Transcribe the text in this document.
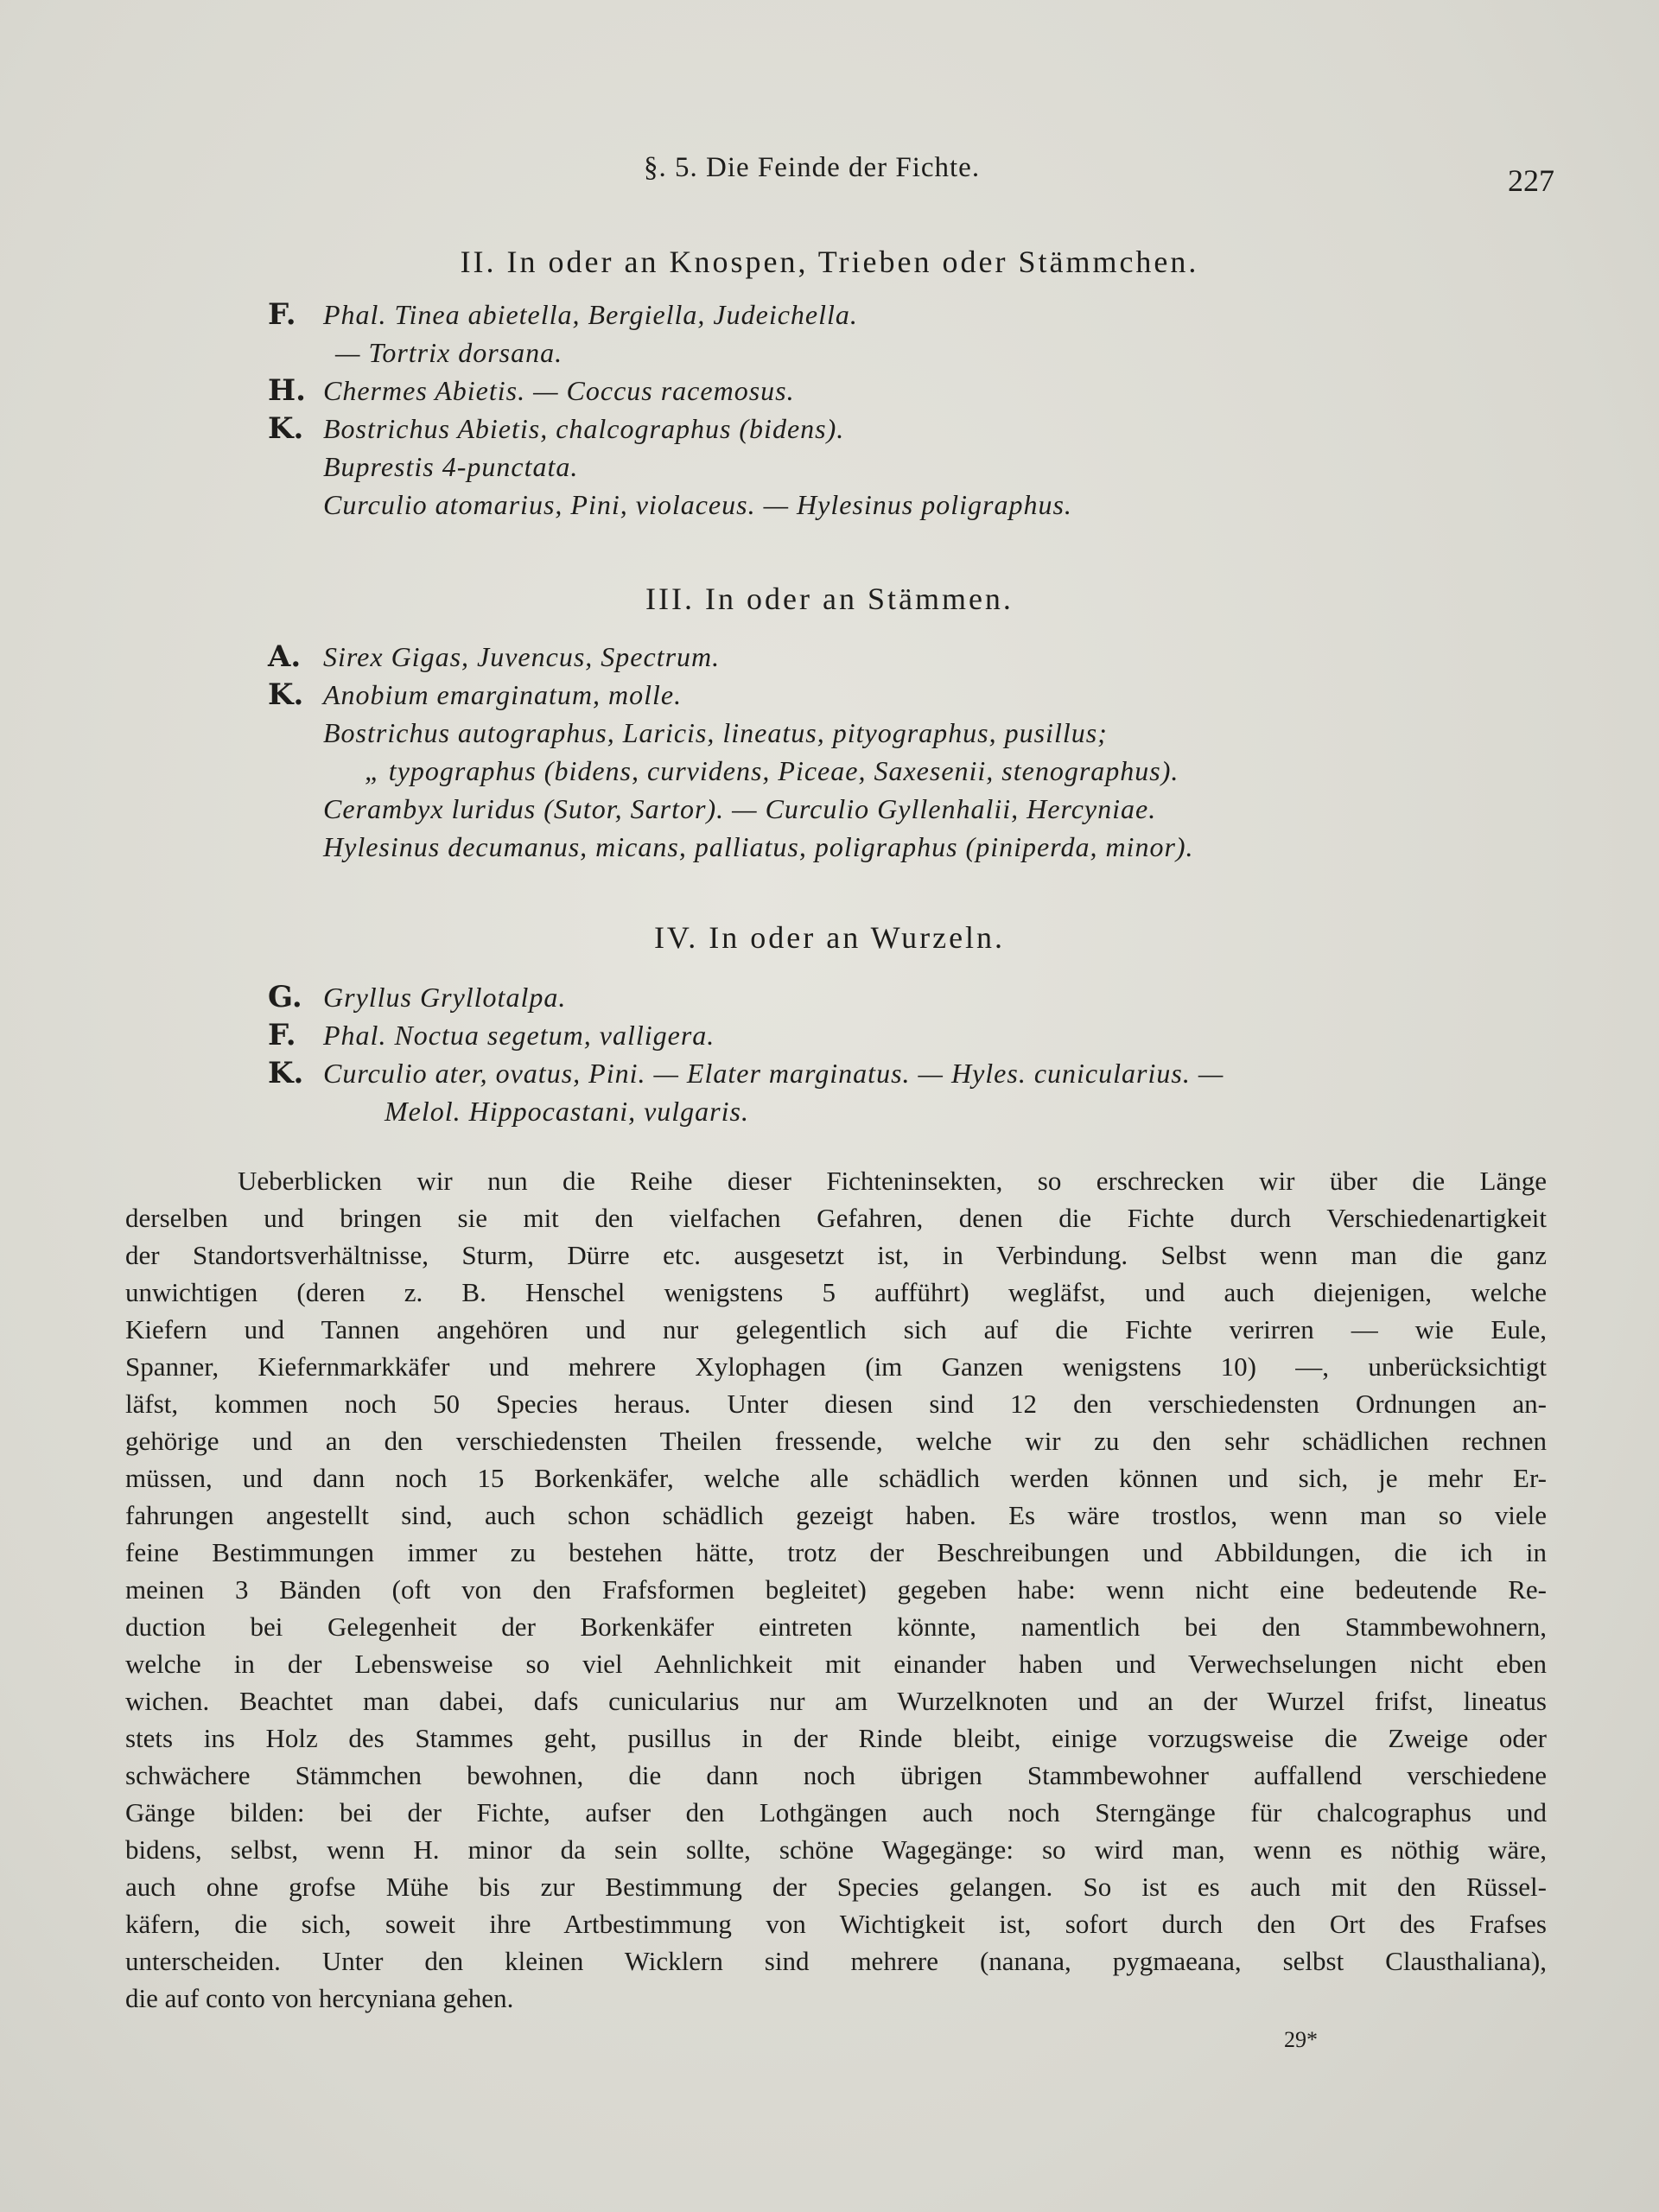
§. 5. Die Feinde der Fichte.	227
II. In oder an Knospen, Trieben oder Stämmchen.
F. Phal. Tinea abietella, Bergiella, Judeichella.
— Tortrix dorsana.
H. Chermes Abietis. — Coccus racemosus.
K. Bostrichus Abietis, chalcographus (bidens).
Buprestis 4-punctata.
Curculio atomarius, Pini, violaceus. — Hylesinus poligraphus.
III. In oder an Stämmen.
A. Sirex Gigas, Juvencus, Spectrum.
K. Anobium emarginatum, molle.
Bostrichus autographus, Laricis, lineatus, pityographus, pusillus;
„ typographus (bidens, curvidens, Piceae, Saxesenii, stenographus).
Cerambyx luridus (Sutor, Sartor). — Curculio Gyllenhalii, Hercyniae.
Hylesinus decumanus, micans, palliatus, poligraphus (piniperda, minor).
IV. In oder an Wurzeln.
G. Gryllus Gryllotalpa.
F. Phal. Noctua segetum, valligera.
K. Curculio ater, ovatus, Pini. — Elater marginatus. — Hyles. cunicularius. —
Melol. Hippocastani, vulgaris.
Ueberblicken wir nun die Reihe dieser Fichteninsekten, so erschrecken wir über die Länge
derselben und bringen sie mit den vielfachen Gefahren, denen die Fichte durch Verschiedenartigkeit
der Standortsverhältnisse, Sturm, Dürre etc. ausgesetzt ist, in Verbindung. Selbst wenn man die ganz
unwichtigen (deren z. B. Henschel wenigstens 5 aufführt) wegläfst, und auch diejenigen, welche
Kiefern und Tannen angehören und nur gelegentlich sich auf die Fichte verirren — wie Eule,
Spanner, Kiefernmarkkäfer und mehrere Xylophagen (im Ganzen wenigstens 10) —, unberücksichtigt
läfst, kommen noch 50 Species heraus. Unter diesen sind 12 den verschiedensten Ordnungen an-
gehörige und an den verschiedensten Theilen fressende, welche wir zu den sehr schädlichen rechnen
müssen, und dann noch 15 Borkenkäfer, welche alle schädlich werden können und sich, je mehr Er-
fahrungen angestellt sind, auch schon schädlich gezeigt haben. Es wäre trostlos, wenn man so viele
feine Bestimmungen immer zu bestehen hätte, trotz der Beschreibungen und Abbildungen, die ich in
meinen 3 Bänden (oft von den Frafsformen begleitet) gegeben habe: wenn nicht eine bedeutende Re-
duction bei Gelegenheit der Borkenkäfer eintreten könnte, namentlich bei den Stammbewohnern,
welche in der Lebensweise so viel Aehnlichkeit mit einander haben und Verwechselungen nicht eben
wichen. Beachtet man dabei, dafs cunicularius nur am Wurzelknoten und an der Wurzel frifst, lineatus
stets ins Holz des Stammes geht, pusillus in der Rinde bleibt, einige vorzugsweise die Zweige oder
schwächere Stämmchen bewohnen, die dann noch übrigen Stammbewohner auffallend verschiedene
Gänge bilden: bei der Fichte, aufser den Lothgängen auch noch Sterngänge für chalcographus und
bidens, selbst, wenn H. minor da sein sollte, schöne Wagegänge: so wird man, wenn es nöthig wäre,
auch ohne grofse Mühe bis zur Bestimmung der Species gelangen. So ist es auch mit den Rüssel-
käfern, die sich, soweit ihre Artbestimmung von Wichtigkeit ist, sofort durch den Ort des Frafses
unterscheiden. Unter den kleinen Wicklern sind mehrere (nanana, pygmaeana, selbst Clausthaliana),
die auf conto von hercyniana gehen.
29*
